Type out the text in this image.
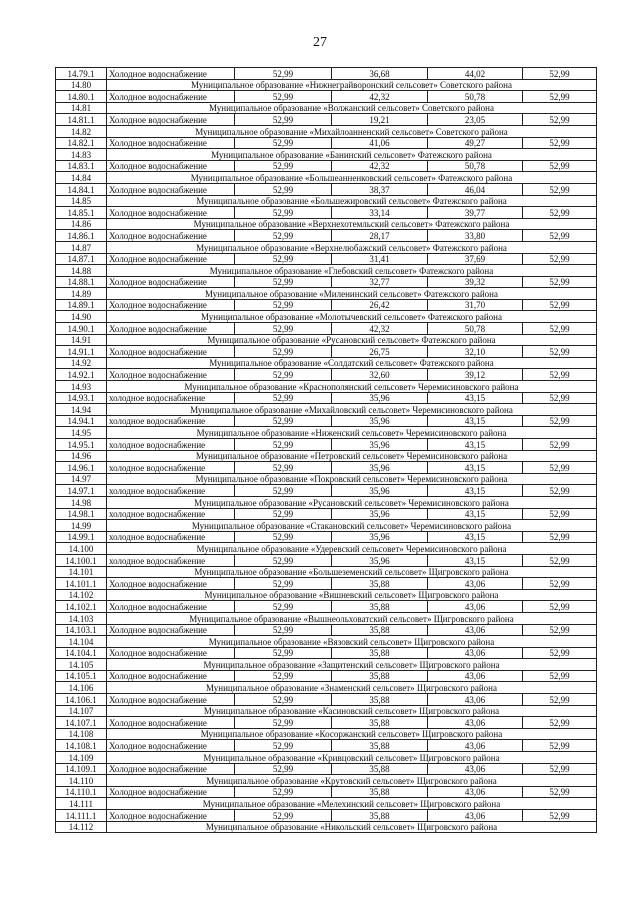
27
14.79.1	Холодное водоснабжение	52,99	36,68	44,02	52,99
14.80	Муниципальное образование «Нижнеграйворонский сельсовет» Советского района				
14.80.1	Холодное водоснабжение	52,99	42,32	50,78	52,99
14.81	Муниципальное образование «Волжанский сельсовет» Советского района				
14.81.1	Холодное водоснабжение	52,99	19,21	23,05	52,99
14.82	Муниципальное образование «Михайлоанненский сельсовет» Советского района				
14.82.1	Холодное водоснабжение	52,99	41,06	49,27	52,99
14.83	Муниципальное образование «Банинский сельсовет» Фатежского района				
14.83.1	Холодное водоснабжение	52,99	42,32	50,78	52,99
14.84	Муниципальное образование «Большеанненковский сельсовет» Фатежского района				
14.84.1	Холодное водоснабжение	52,99	38,37	46,04	52,99
14.85	Муниципальное образование «Большежировский сельсовет» Фатежского района				
14.85.1	Холодное водоснабжение	52,99	33,14	39,77	52,99
14.86	Муниципальное образование «Верхнехотемльский сельсовет» Фатежского района				
14.86.1	Холодное водоснабжение	52,99	28,17	33,80	52,99
14.87	Муниципальное образование «Верхнелюбажский сельсовет» Фатежского района				
14.87.1	Холодное водоснабжение	52,99	31,41	37,69	52,99
14.88	Муниципальное образование «Глебовский сельсовет» Фатежского района				
14.88.1	Холодное водоснабжение	52,99	32,77	39,32	52,99
14.89	Муниципальное образование «Миленинский сельсовет» Фатежского района				
14.89.1	Холодное водоснабжение	52,99	26,42	31,70	52,99
14.90	Муниципальное образование «Молотычевский сельсовет» Фатежского района				
14.90.1	Холодное водоснабжение	52,99	42,32	50,78	52,99
14.91	Муниципальное образование «Русановский сельсовет» Фатежского района				
14.91.1	Холодное водоснабжение	52,99	26,75	32,10	52,99
14.92	Муниципальное образование «Солдатский сельсовет» Фатежского района				
14.92.1	Холодное водоснабжение	52,99	32,60	39,12	52,99
14.93	Муниципальное образование «Краснополянский сельсовет» Черемисиновского района				
14.93.1	холодное водоснабжение	52,99	35,96	43,15	52,99
14.94	Муниципальное образование «Михайловский сельсовет» Черемисиновского района				
14.94.1	холодное водоснабжение	52,99	35,96	43,15	52,99
14.95	Муниципальное образование «Ниженский сельсовет» Черемисиновского района				
14.95.1	холодное водоснабжение	52,99	35,96	43,15	52,99
14.96	Муниципальное образование «Петровский сельсовет» Черемисиновского района				
14.96.1	холодное водоснабжение	52,99	35,96	43,15	52,99
14.97	Муниципальное образование «Покровский сельсовет» Черемисиновского района				
14.97.1	холодное водоснабжение	52,99	35,96	43,15	52,99
14.98	Муниципальное образование «Русановский сельсовет» Черемисиновского района				
14.98.1	холодное водоснабжение	52,99	35,96	43,15	52,99
14.99	Муниципальное образование «Стакановский сельсовет» Черемисиновского района				
14.99.1	холодное водоснабжение	52,99	35,96	43,15	52,99
14.100	Муниципальное образование «Удеревский сельсовет» Черемисиновского района				
14.100.1	холодное водоснабжение	52,99	35,96	43,15	52,99
14.101	Муниципальное образование «Большеземенский сельсовет» Щигровского района				
14.101.1	Холодное водоснабжение	52,99	35,88	43,06	52,99
14.102	Муниципальное образование «Вишневский сельсовет» Щигровского района				
14.102.1	Холодное водоснабжение	52,99	35,88	43,06	52,99
14.103	Муниципальное образование «Вышнеольховатский сельсовет» Щигровского района				
14.103.1	Холодное водоснабжение	52,99	35,88	43,06	52,99
14.104	Муниципальное образование «Вязовский сельсовет» Щигровского района				
14.104.1	Холодное водоснабжение	52,99	35,88	43,06	52,99
14.105	Муниципальное образование «Защитенский сельсовет» Щигровского района				
14.105.1	Холодное водоснабжение	52,99	35,88	43,06	52,99
14.106	Муниципальное образование «Знаменский сельсовет» Щигровского района				
14.106.1	Холодное водоснабжение	52,99	35,88	43,06	52,99
14.107	Муниципальное образование «Касиновский сельсовет» Щигровского района				
14.107.1	Холодное водоснабжение	52,99	35,88	43,06	52,99
14.108	Муниципальное образование «Косоржанский сельсовет» Щигровского района				
14.108.1	Холодное водоснабжение	52,99	35,88	43,06	52,99
14.109	Муниципальное образование «Кривцовский сельсовет» Щигровского района				
14.109.1	Холодное водоснабжение	52,99	35,88	43,06	52,99
14.110	Муниципальное образование «Крутовский сельсовет» Щигровского района				
14.110.1	Холодное водоснабжение	52,99	35,88	43,06	52,99
14.111	Муниципальное образование «Мелехинский сельсовет» Щигровского района				
14.111.1	Холодное водоснабжение	52,99	35,88	43,06	52,99
14.112	Муниципальное образование «Никольский сельсовет» Щигровского района				
